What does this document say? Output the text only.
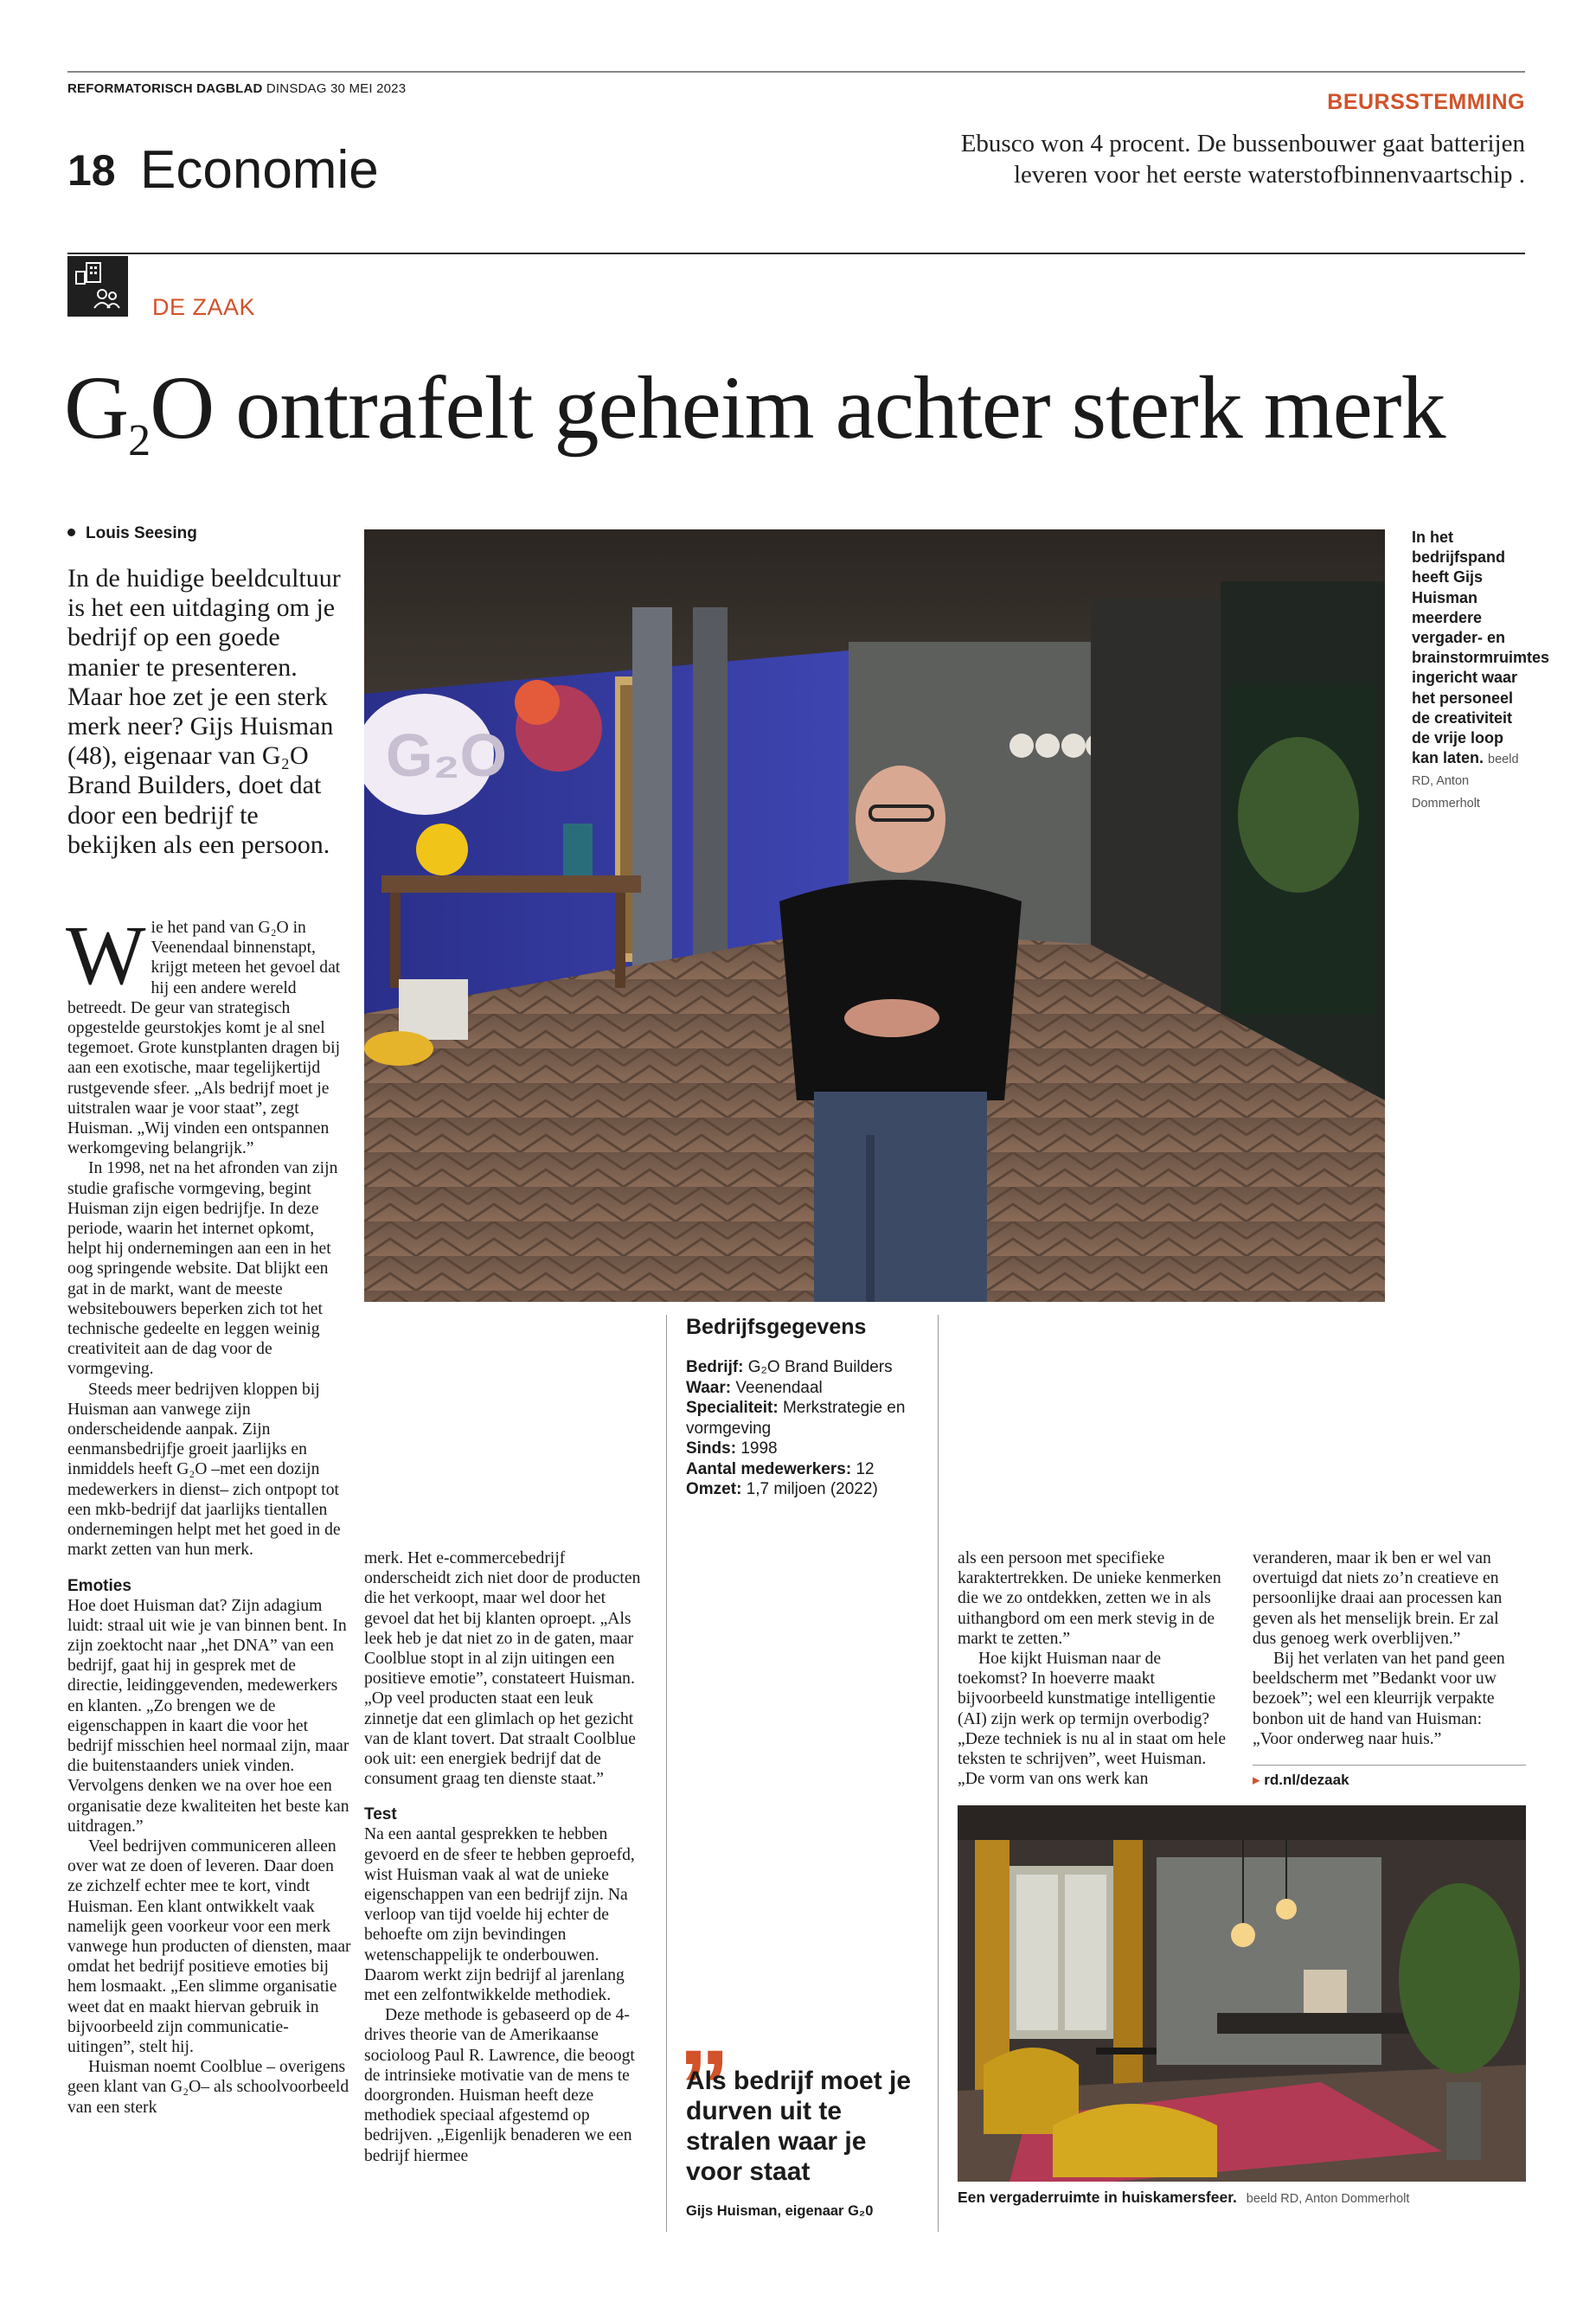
REFORMATORISCH DAGBLAD DINSDAG 30 MEI 2023
18 Economie
BEURSSTEMMING
Ebusco won 4 procent. De bussenbouwer gaat batterijen
leveren voor het eerste waterstofbinnenvaartschip .
DE ZAAK
$G_2O$ ontrafelt geheim achter sterk merk
Louis Seesing
In de huidige beeldcultuur is het een uitdaging om je bedrijf op een goede manier te presenteren. Maar hoe zet je een sterk merk neer? Gijs Huisman (48), eigenaar van G₂O Brand Builders, doet dat door een bedrijf te bekijken als een persoon.
G₂O
In het bedrijfspand heeft Gijs Huisman meerdere vergader- en brainstormruimtes ingericht waar het personeel de creativiteit de vrije loop kan laten. beeld RD, Anton Dommerholt

Wie het pand van G₂O in Veenendaal binnenstapt, krijgt meteen het gevoel dat hij een andere wereld betreedt. De geur van strategisch opgestelde geurstokjes komt je al snel tegemoet. Grote kunstplanten dragen bij aan een exotische, maar tegelijkertijd rustgevende sfeer. „Als bedrijf moet je uitstralen waar je voor staat”, zegt Huisman. „Wij vinden een ontspannen werkomgeving belangrijk.”

In 1998, net na het afronden van zijn studie grafische vormgeving, begint Huisman zijn eigen bedrijfje. In deze periode, waarin het internet opkomt, helpt hij ondernemingen aan een in het oog springende website. Dat blijkt een gat in de markt, want de meeste websitebouwers beperken zich tot het technische gedeelte en leggen weinig creativiteit aan de dag voor de vormgeving.

Steeds meer bedrijven kloppen bij Huisman aan vanwege zijn onderscheidende aanpak. Zijn eenmansbedrijfje groeit jaarlijks en inmiddels heeft G₂O –met een dozijn medewerkers in dienst– zich ontpopt tot een mkb-bedrijf dat jaarlijks tientallen ondernemingen helpt met het goed in de markt zetten van hun merk.

Emoties

Hoe doet Huisman dat? Zijn adagium luidt: straal uit wie je van binnen bent. In zijn zoektocht naar „het DNA” van een bedrijf, gaat hij in gesprek met de directie, leidinggevenden, medewerkers en klanten. „Zo brengen we de eigenschappen in kaart die voor het bedrijf misschien heel normaal zijn, maar die buitenstaanders uniek vinden. Vervolgens denken we na over hoe een organisatie deze kwaliteiten het beste kan uitdragen.”

Veel bedrijven communiceren alleen over wat ze doen of leveren. Daar doen ze zichzelf echter mee te kort, vindt Huisman. Een klant ontwikkelt vaak namelijk geen voorkeur voor een merk vanwege hun producten of diensten, maar omdat het bedrijf positieve emoties bij hem losmaakt. „Een slimme organisatie weet dat en maakt hiervan gebruik in bijvoorbeeld zijn communicatie-uitingen”, stelt hij.

Huisman noemt Coolblue – overigens geen klant van G₂O– als schoolvoorbeeld van een sterk

merk. Het e-commercebedrijf onderscheidt zich niet door de producten die het verkoopt, maar wel door het gevoel dat het bij klanten oproept. „Als leek heb je dat niet zo in de gaten, maar Coolblue stopt in al zijn uitingen een positieve emotie”, constateert Huisman. „Op veel producten staat een leuk zinnetje dat een glimlach op het gezicht van de klant tovert. Dat straalt Coolblue ook uit: een energiek bedrijf dat de consument graag ten dienste staat.”

Test

Na een aantal gesprekken te hebben gevoerd en de sfeer te hebben geproefd, wist Huisman vaak al wat de unieke eigenschappen van een bedrijf zijn. Na verloop van tijd voelde hij echter de behoefte om zijn bevindingen wetenschappelijk te onderbouwen. Daarom werkt zijn bedrijf al jarenlang met een zelfontwikkelde methodiek.

Deze methode is gebaseerd op de 4-drives theorie van de Amerikaanse socioloog Paul R. Lawrence, die beoogt de intrinsieke motivatie van de mens te doorgronden. Huisman heeft deze methodiek speciaal afgestemd op bedrijven. „Eigenlijk benaderen we een bedrijf hiermee

Bedrijfsgegevens
Bedrijf: G₂O Brand Builders
Waar: Veenendaal
Specialiteit: Merkstrategie en vormgeving
Sinds: 1998
Aantal medewerkers: 12
Omzet: 1,7 miljoen (2022)
„
Als bedrijf moet je durven uit te stralen waar je voor staat
Gijs Huisman, eigenaar G₂0

als een persoon met specifieke karaktertrekken. De unieke kenmerken die we zo ontdekken, zetten we in als uithangbord om een merk stevig in de markt te zetten.”

Hoe kijkt Huisman naar de toekomst? In hoeverre maakt bijvoorbeeld kunstmatige intelligentie (AI) zijn werk op termijn overbodig? „Deze techniek is nu al in staat om hele teksten te schrijven”, weet Huisman. „De vorm van ons werk kan

veranderen, maar ik ben er wel van overtuigd dat niets zo’n creatieve en persoonlijke draai aan processen kan geven als het menselijk brein. Er zal dus genoeg werk overblijven.”

Bij het verlaten van het pand geen beeldscherm met ”Bedankt voor uw bezoek”; wel een kleurrijk verpakte bonbon uit de hand van Huisman: „Voor onderweg naar huis.”

▸ rd.nl/dezaak
Een vergaderruimte in huiskamersfeer. beeld RD, Anton Dommerholt
